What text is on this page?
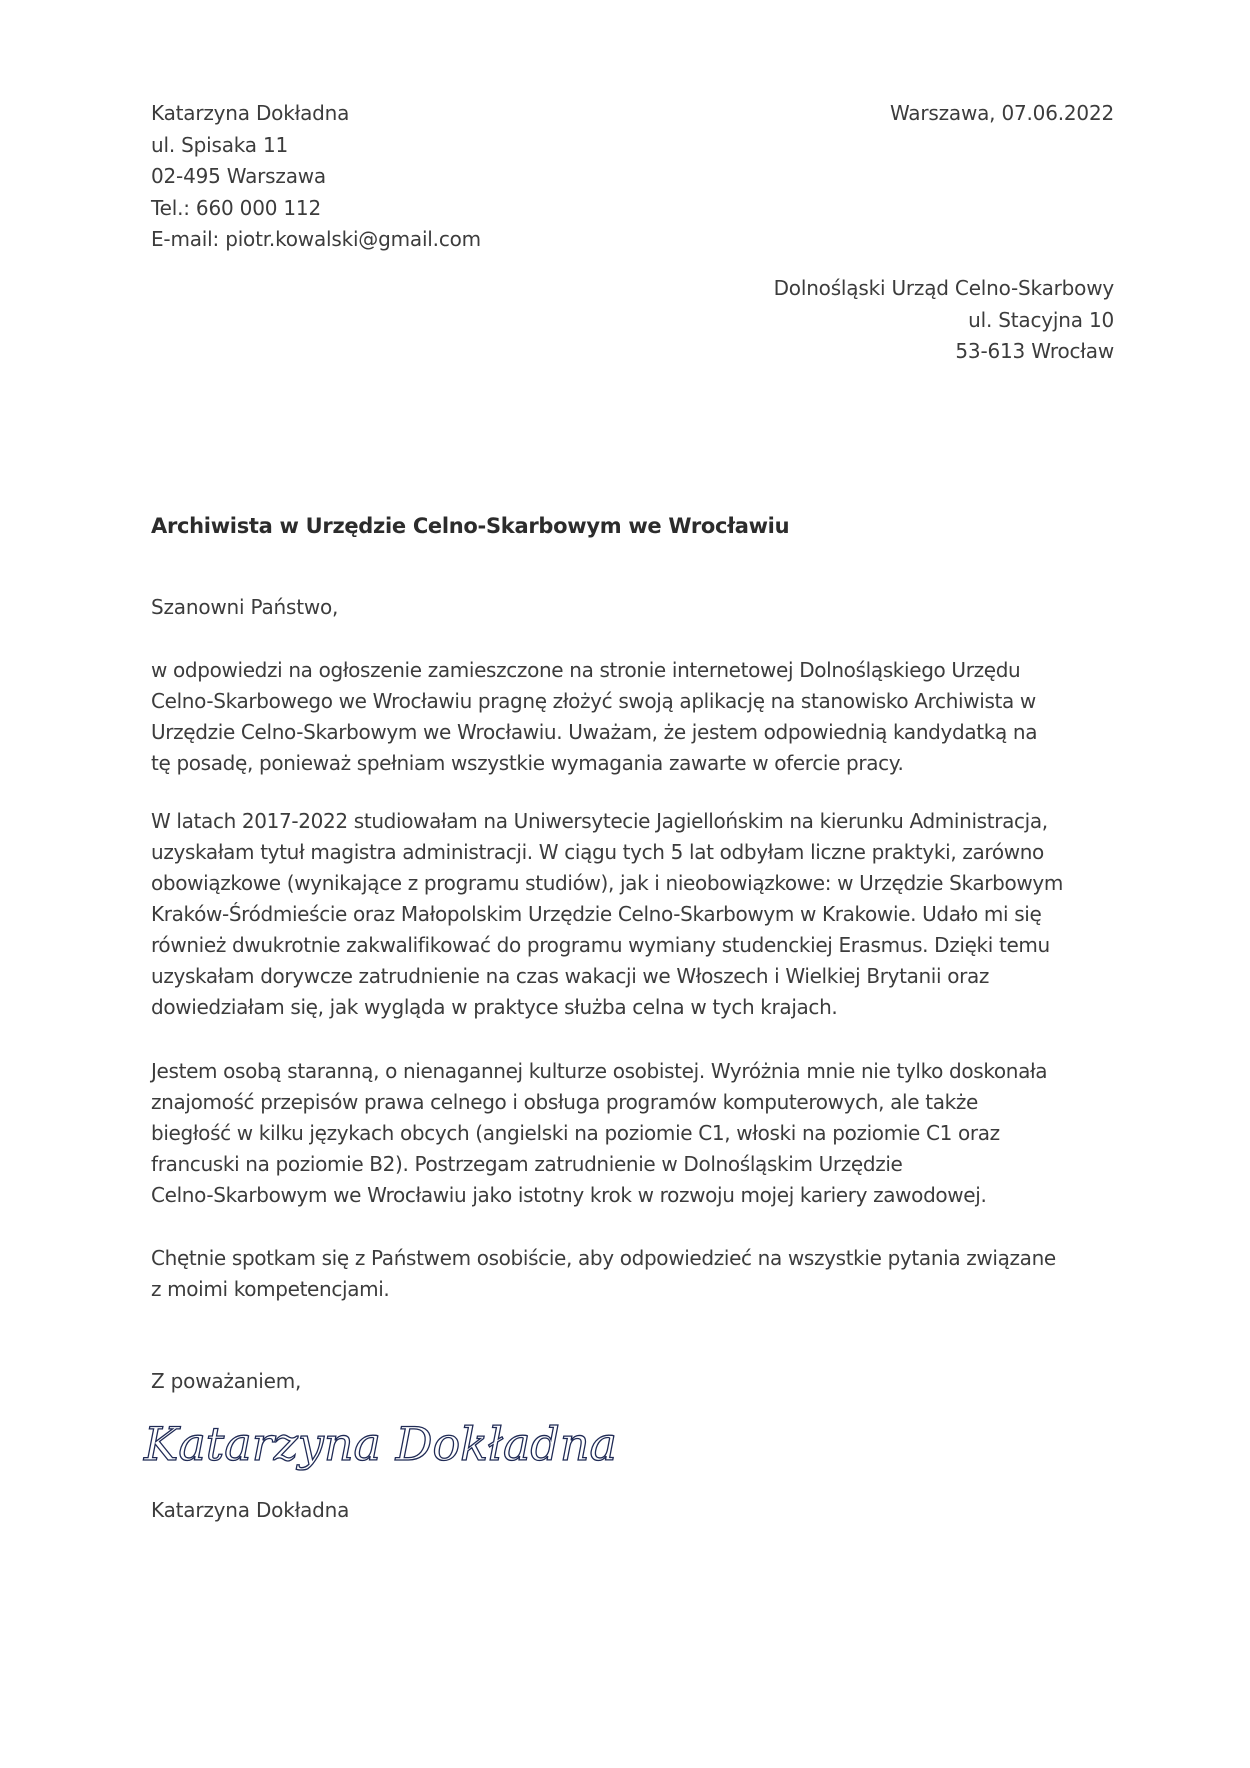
Katarzyna Dokładna
ul. Spisaka 11
02-495 Warszawa
Tel.: 660 000 112
E-mail: piotr.kowalski@gmail.com
Warszawa, 07.06.2022
Dolnośląski Urząd Celno-Skarbowy
ul. Stacyjna 10
53-613 Wrocław
Archiwista w Urzędzie Celno-Skarbowym we Wrocławiu
Szanowni Państwo,
w odpowiedzi na ogłoszenie zamieszczone na stronie internetowej Dolnośląskiego Urzędu
Celno-Skarbowego we Wrocławiu pragnę złożyć swoją aplikację na stanowisko Archiwista w
Urzędzie Celno-Skarbowym we Wrocławiu. Uważam, że jestem odpowiednią kandydatką na
tę posadę, ponieważ spełniam wszystkie wymagania zawarte w ofercie pracy.
W latach 2017-2022 studiowałam na Uniwersytecie Jagiellońskim na kierunku Administracja,
uzyskałam tytuł magistra administracji. W ciągu tych 5 lat odbyłam liczne praktyki, zarówno
obowiązkowe (wynikające z programu studiów), jak i nieobowiązkowe: w Urzędzie Skarbowym
Kraków-Śródmieście oraz Małopolskim Urzędzie Celno-Skarbowym w Krakowie. Udało mi się
również dwukrotnie zakwalifikować do programu wymiany studenckiej Erasmus. Dzięki temu
uzyskałam dorywcze zatrudnienie na czas wakacji we Włoszech i Wielkiej Brytanii oraz
dowiedziałam się, jak wygląda w praktyce służba celna w tych krajach.
Jestem osobą staranną, o nienagannej kulturze osobistej. Wyróżnia mnie nie tylko doskonała
znajomość przepisów prawa celnego i obsługa programów komputerowych, ale także
biegłość w kilku językach obcych (angielski na poziomie C1, włoski na poziomie C1 oraz
francuski na poziomie B2). Postrzegam zatrudnienie w Dolnośląskim Urzędzie
Celno-Skarbowym we Wrocławiu jako istotny krok w rozwoju mojej kariery zawodowej.
Chętnie spotkam się z Państwem osobiście, aby odpowiedzieć na wszystkie pytania związane
z moimi kompetencjami.
Z poważaniem,
Katarzyna Dokładna
Katarzyna Dokładna
